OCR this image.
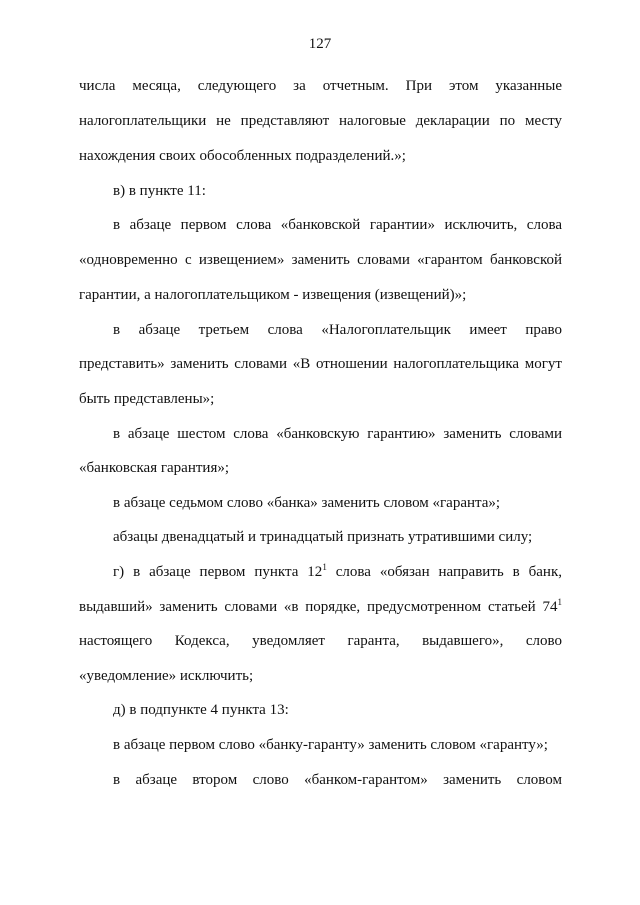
127
числа месяца, следующего за отчетным. При этом указанные
налогоплательщики не представляют налоговые декларации по месту
нахождения своих обособленных подразделений.»;
в) в пункте 11:
в абзаце первом слова «банковской гарантии» исключить, слова
«одновременно с извещением» заменить словами «гарантом банковской
гарантии, а налогоплательщиком - извещения (извещений)»;
в абзаце третьем слова «Налогоплательщик имеет право
представить» заменить словами «В отношении налогоплательщика могут
быть представлены»;
в абзаце шестом слова «банковскую гарантию» заменить словами
«банковская гарантия»;
в абзаце седьмом слово «банка» заменить словом «гаранта»;
абзацы двенадцатый и тринадцатый признать утратившими силу;
г) в абзаце первом пункта $12^1$ слова «обязан направить в банк,
выдавший» заменить словами «в порядке, предусмотренном статьей $74^1$
настоящего Кодекса, уведомляет гаранта, выдавшего», слово
«уведомление» исключить;
д) в подпункте 4 пункта 13:
в абзаце первом слово «банку-гаранту» заменить словом «гаранту»;
в абзаце втором слово «банком-гарантом» заменить словом
